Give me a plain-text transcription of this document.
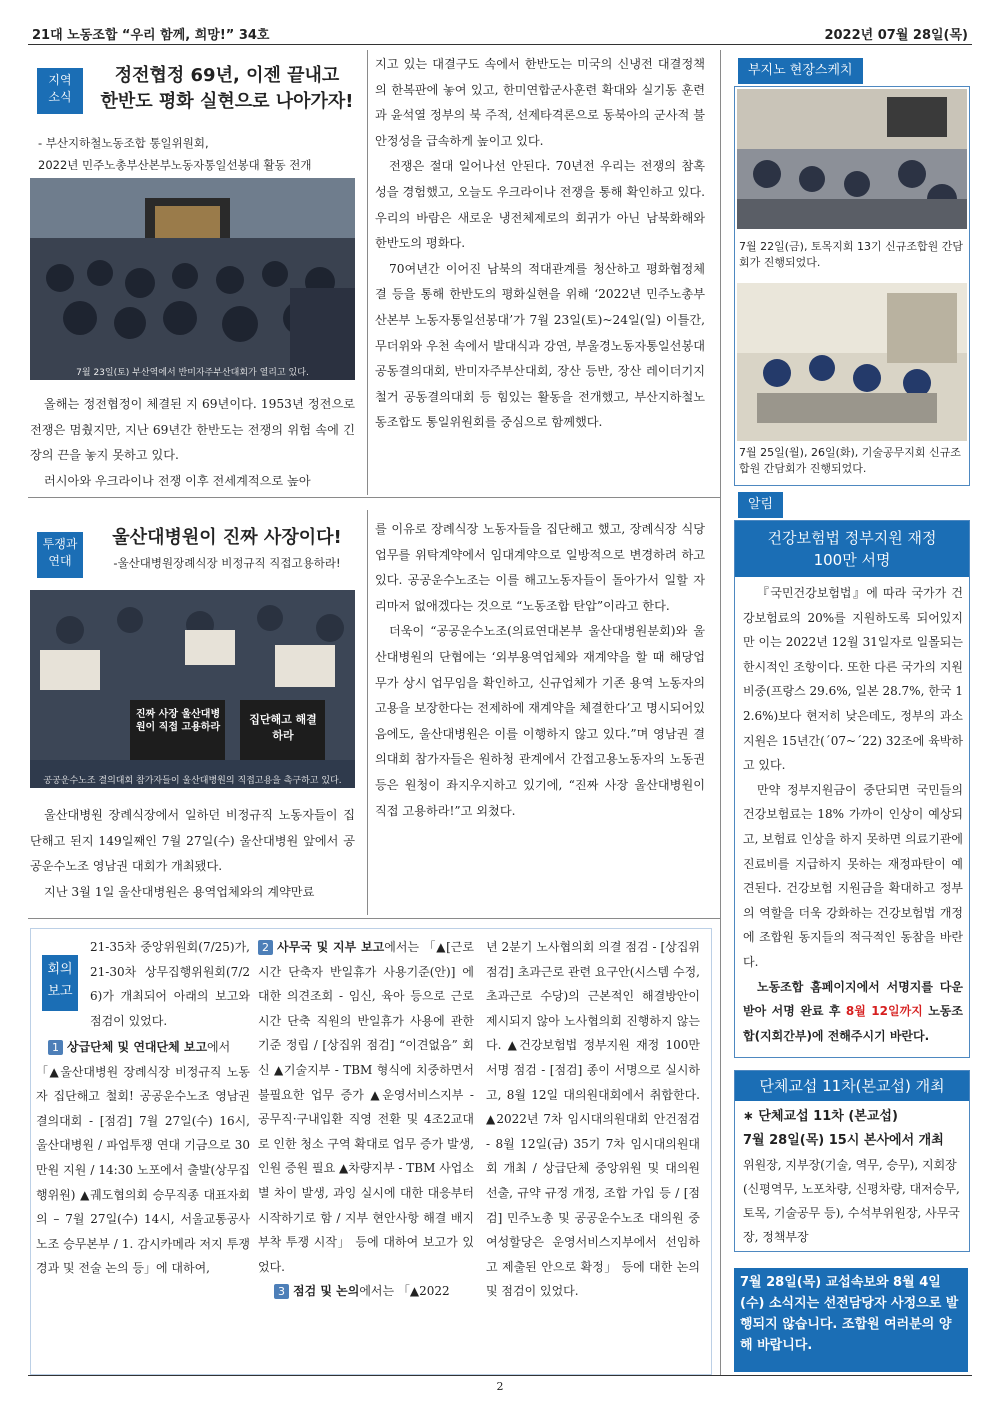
21대 노동조합 “우리 함께, 희망!” 34호	2022년 07월 28일(목)
지역
소식
정전협정 69년, 이젠 끝내고
한반도 평화 실현으로 나아가자!
- 부산지하철노동조합 통일위원회,
2022년 민주노총부산본부노동자통일선봉대 활동 전개
7월 23일(토) 부산역에서 반미자주부산대회가 열리고 있다.

올해는 정전협정이 체결된 지 69년이다. 1953년 정전으로 전쟁은 멈췄지만, 지난 69년간 한반도는 전쟁의 위험 속에 긴장의 끈을 놓지 못하고 있다.

러시아와 우크라이나 전쟁 이후 전세계적으로 높아

지고 있는 대결구도 속에서 한반도는 미국의 신냉전 대결정책의 한복판에 놓여 있고, 한미연합군사훈련 확대와 실기동 훈련과 윤석열 정부의 북 주적, 선제타격론으로 동북아의 군사적 불안정성을 급속하게 높이고 있다.

전쟁은 절대 일어나선 안된다. 70년전 우리는 전쟁의 참혹성을 경험했고, 오늘도 우크라이나 전쟁을 통해 확인하고 있다. 우리의 바람은 새로운 냉전체제로의 회귀가 아닌 남북화해와 한반도의 평화다.

70여년간 이어진 남북의 적대관계를 청산하고 평화협정체결 등을 통해 한반도의 평화실현을 위해 ‘2022년 민주노총부산본부 노동자통일선봉대’가 7월 23일(토)~24일(일) 이틀간, 무더위와 우천 속에서 발대식과 강연, 부울경노동자통일선봉대 공동결의대회, 반미자주부산대회, 장산 등반, 장산 레이더기지 철거 공동결의대회 등 힘있는 활동을 전개했고, 부산지하철노동조합도 통일위원회를 중심으로 함께했다.

투쟁과
연대
울산대병원이 진짜 사장이다!
-울산대병원장례식장 비정규직 직접고용하라!
진짜 사장 울산대병원이 직접 고용하라
집단해고 해결하라
공공운수노조 결의대회 참가자들이 울산대병원의 직접고용을 촉구하고 있다.

울산대병원 장례식장에서 일하던 비정규직 노동자들이 집단해고 된지 149일째인 7월 27일(수) 울산대병원 앞에서 공공운수노조 영남권 대회가 개최됐다.

지난 3월 1일 울산대병원은 용역업체와의 계약만료

를 이유로 장례식장 노동자들을 집단해고 했고, 장례식장 식당 업무를 위탁계약에서 임대계약으로 일방적으로 변경하려 하고 있다. 공공운수노조는 이를 해고노동자들이 돌아가서 일할 자리마저 없애겠다는 것으로 “노동조합 탄압”이라고 한다.

더욱이 “공공운수노조(의료연대본부 울산대병원분회)와 울산대병원의 단협에는 ‘외부용역업체와 재계약을 할 때 해당업무가 상시 업무임을 확인하고, 신규업체가 기존 용역 노동자의 고용을 보장한다는 전제하에 재계약을 체결한다’고 명시되어있음에도, 울산대병원은 이를 이행하지 않고 있다.”며 영남권 결의대회 참가자들은 원하청 관계에서 간접고용노동자의 노동권 등은 원청이 좌지우지하고 있기에, “진짜 사장 울산대병원이 직접 고용하라!”고 외쳤다.

회의
보고
21-35차 중앙위원회(7/25)가, 21-30차 상무집행위원회(7/26)가 개최되어 아래의 보고와 점검이 있었다.
1 상급단체 및 연대단체 보고에서
「▲울산대병원 장례식장 비정규직 노동자 집단해고 철회! 공공운수노조 영남권 결의대회 - [점검] 7월 27일(수) 16시, 울산대병원 / 파업투쟁 연대 기금으로 30만원 지원 / 14:30 노포에서 출발(상무집행위원) ▲궤도협의회 승무직종 대표자회의 – 7월 27일(수) 14시, 서울교통공사노조 승무본부 / 1. 감시카메라 저지 투쟁 경과 및 전술 논의 등」에 대하여,
2 사무국 및 지부 보고에서는 「▲[근로시간 단축자 반일휴가 사용기준(안)] 에 대한 의견조회 - 임신, 육아 등으로 근로시간 단축 직원의 반일휴가 사용에 관한 기준 정립 / [상집위 점검] “이견없음” 회신 ▲기술지부 - TBM 형식에 치중하면서 불필요한 업무 증가 ▲운영서비스지부 - 공무직·구내입환 직영 전환 및 4조2교대로 인한 청소 구역 확대로 업무 증가 발생, 인원 증원 필요 ▲차량지부 - TBM 사업소별 차이 발생, 과잉 실시에 대한 대응부터 시작하기로 함 / 지부 현안사항 해결 배지 부착 투쟁 시작」 등에 대하여 보고가 있었다.
3 점검 및 논의에서는 「▲2022
년 2분기 노사협의회 의결 점검 - [상집위 점검] 초과근로 관련 요구안(시스템 수정, 초과근로 수당)의 근본적인 해결방안이 제시되지 않아 노사협의회 진행하지 않는다. ▲건강보험법 정부지원 재정 100만 서명 점검 - [점검] 종이 서명으로 실시하고, 8월 12일 대의원대회에서 취합한다. ▲2022년 7차 임시대의원대회 안건점검 - 8월 12일(금) 35기 7차 임시대의원대회 개최 / 상급단체 중앙위원 및 대의원 선출, 규약 규정 개정, 조합 가입 등 / [점검] 민주노총 및 공공운수노조 대의원 중 여성할당은 운영서비스지부에서 선임하고 제출된 안으로 확정」 등에 대한 논의 및 점검이 있었다.
부지노 현장스케치
7월 22일(금), 토목지회 13기 신규조합원 간담회가 진행되었다.
7월 25일(월), 26일(화), 기술공무지회 신규조합원 간담회가 진행되었다.
알림
건강보험법 정부지원 재정
100만 서명

『국민건강보험법』에 따라 국가가 건강보험료의 20%를 지원하도록 되어있지만 이는 2022년 12월 31일자로 일몰되는 한시적인 조항이다. 또한 다른 국가의 지원 비중(프랑스 29.6%, 일본 28.7%, 한국 12.6%)보다 현저히 낮은데도, 정부의 과소지원은 15년간(´07~´22) 32조에 육박하고 있다.

만약 정부지원금이 중단되면 국민들의 건강보험료는 18% 가까이 인상이 예상되고, 보험료 인상을 하지 못하면 의료기관에 진료비를 지급하지 못하는 재정파탄이 예견된다. 건강보험 지원금을 확대하고 정부의 역할을 더욱 강화하는 건강보험법 개정에 조합원 동지들의 적극적인 동참을 바란다.

노동조합 홈페이지에서 서명지를 다운받아 서명 완료 후 8월 12일까지 노동조합(지회간부)에 전해주시기 바란다.

단체교섭 11차(본교섭) 개최
∗ 단체교섭 11차 (본교섭)
7월 28일(목) 15시 본사에서 개최
위원장, 지부장(기술, 역무, 승무), 지회장(신평역무, 노포차량, 신평차량, 대저승무, 토목, 기술공무 등), 수석부위원장, 사무국장, 정책부장
7월 28일(목) 교섭속보와 8월 4일(수) 소식지는 선전담당자 사정으로 발행되지 않습니다. 조합원 여러분의 양해 바랍니다.
2
